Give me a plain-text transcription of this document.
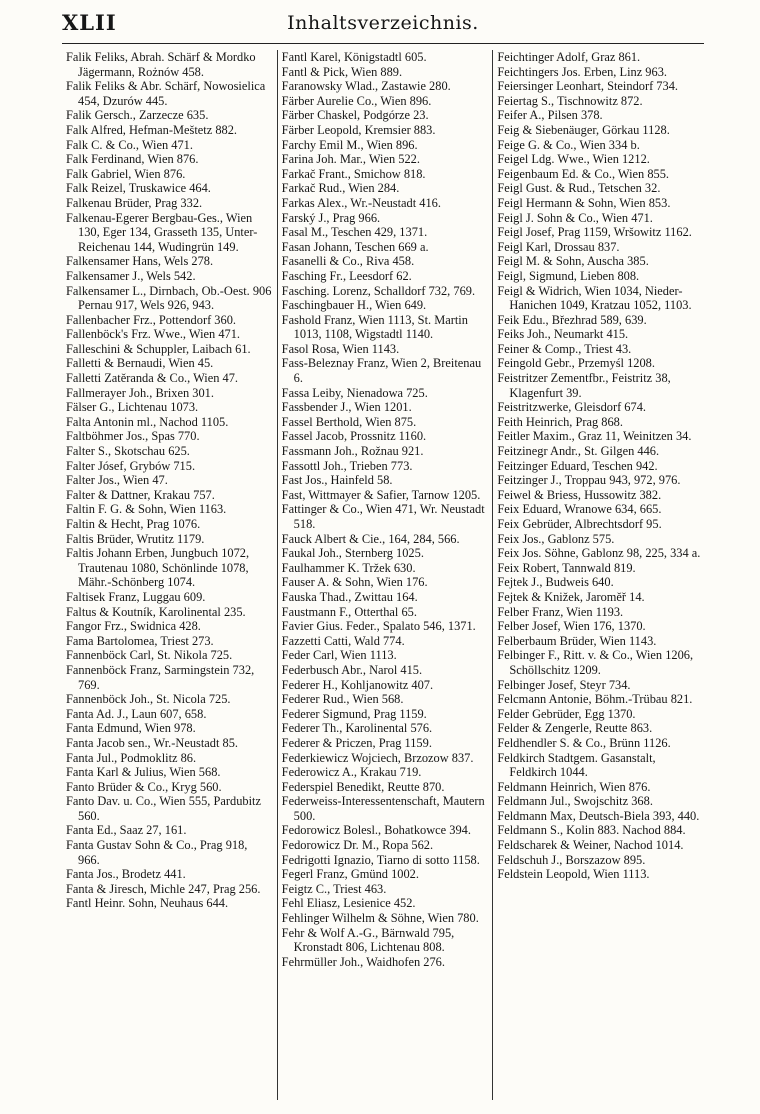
XLII	Inhaltsverzeichnis.

Falik Feliks, Abrah. Schärf & Mordko Jägermann, Rożnów 458.

Falik Feliks & Abr. Schärf, Nowosielica 454, Dzurów 445.

Falik Gersch., Zarzecze 635.

Falk Alfred, Hefman-Meštetz 882.

Falk C. & Co., Wien 471.

Falk Ferdinand, Wien 876.

Falk Gabriel, Wien 876.

Falk Reizel, Truskawice 464.

Falkenau Brüder, Prag 332.

Falkenau-Egerer Bergbau-Ges., Wien 130, Eger 134, Grasseth 135, Unter-Reichenau 144, Wudingrün 149.

Falkensamer Hans, Wels 278.

Falkensamer J., Wels 542.

Falkensamer L., Dirnbach, Ob.-Oest. 906 Pernau 917, Wels 926, 943.

Fallenbacher Frz., Pottendorf 360.

Fallenböck's Frz. Wwe., Wien 471.

Falleschini & Schuppler, Laibach 61.

Falletti & Bernaudi, Wien 45.

Falletti Zatěranda & Co., Wien 47.

Fallmerayer Joh., Brixen 301.

Fälser G., Lichtenau 1073.

Falta Antonin ml., Nachod 1105.

Faltböhmer Jos., Spas 770.

Falter S., Skotschau 625.

Falter Jósef, Grybów 715.

Falter Jos., Wien 47.

Falter & Dattner, Krakau 757.

Faltin F. G. & Sohn, Wien 1163.

Faltin & Hecht, Prag 1076.

Faltis Brüder, Wrutitz 1179.

Faltis Johann Erben, Jungbuch 1072, Trautenau 1080, Schönlinde 1078, Mähr.-Schönberg 1074.

Faltisek Franz, Luggau 609.

Faltus & Koutník, Karolinental 235.

Fangor Frz., Swidnica 428.

Fama Bartolomea, Triest 273.

Fannenböck Carl, St. Nikola 725.

Fannenböck Franz, Sarmingstein 732, 769.

Fannenböck Joh., St. Nicola 725.

Fanta Ad. J., Laun 607, 658.

Fanta Edmund, Wien 978.

Fanta Jacob sen., Wr.-Neustadt 85.

Fanta Jul., Podmoklitz 86.

Fanta Karl & Julius, Wien 568.

Fanto Brüder & Co., Kryg 560.

Fanto Dav. u. Co., Wien 555, Pardubitz 560.

Fanta Ed., Saaz 27, 161.

Fanta Gustav Sohn & Co., Prag 918, 966.

Fanta Jos., Brodetz 441.

Fanta & Jiresch, Michle 247, Prag 256.

Fantl Heinr. Sohn, Neuhaus 644.

Fantl Karel, Königstadtl 605.

Fantl & Pick, Wien 889.

Faranowsky Wlad., Zastawie 280.

Färber Aurelie Co., Wien 896.

Färber Chaskel, Podgórze 23.

Färber Leopold, Kremsier 883.

Farchy Emil M., Wien 896.

Farina Joh. Mar., Wien 522.

Farkač Frant., Smichow 818.

Farkač Rud., Wien 284.

Farkas Alex., Wr.-Neustadt 416.

Farský J., Prag 966.

Fasal M., Teschen 429, 1371.

Fasan Johann, Teschen 669 a.

Fasanelli & Co., Riva 458.

Fasching Fr., Leesdorf 62.

Fasching. Lorenz, Schalldorf 732, 769.

Faschingbauer H., Wien 649.

Fashold Franz, Wien 1113, St. Martin 1013, 1108, Wigstadtl 1140.

Fasol Rosa, Wien 1143.

Fass-Beleznay Franz, Wien 2, Breitenau 6.

Fassa Leiby, Nienadowa 725.

Fassbender J., Wien 1201.

Fassel Berthold, Wien 875.

Fassel Jacob, Prossnitz 1160.

Fassmann Joh., Rožnau 921.

Fassottl Joh., Trieben 773.

Fast Jos., Hainfeld 58.

Fast, Wittmayer & Safier, Tarnow 1205.

Fattinger & Co., Wien 471, Wr. Neustadt 518.

Fauck Albert & Cie., 164, 284, 566.

Faukal Joh., Sternberg 1025.

Faulhammer K. Tržek 630.

Fauser A. & Sohn, Wien 176.

Fauska Thad., Zwittau 164.

Faustmann F., Otterthal 65.

Favier Gius. Feder., Spalato 546, 1371.

Fazzetti Catti, Wald 774.

Feder Carl, Wien 1113.

Federbusch Abr., Narol 415.

Federer H., Kohljanowitz 407.

Federer Rud., Wien 568.

Federer Sigmund, Prag 1159.

Federer Th., Karolinental 576.

Federer & Priczen, Prag 1159.

Federkiewicz Wojciech, Brzozow 837.

Federowicz A., Krakau 719.

Federspiel Benedikt, Reutte 870.

Federweiss-Interessentenschaft, Mautern 500.

Fedorowicz Bolesl., Bohatkowce 394.

Fedorowicz Dr. M., Ropa 562.

Fedrigotti Ignazio, Tiarno di sotto 1158.

Fegerl Franz, Gmünd 1002.

Feigtz C., Triest 463.

Fehl Eliasz, Lesienice 452.

Fehlinger Wilhelm & Söhne, Wien 780.

Fehr & Wolf A.-G., Bärnwald 795, Kronstadt 806, Lichtenau 808.

Fehrmüller Joh., Waidhofen 276.

Feichtinger Adolf, Graz 861.

Feichtingers Jos. Erben, Linz 963.

Feiersinger Leonhart, Steindorf 734.

Feiertag S., Tischnowitz 872.

Feifer A., Pilsen 378.

Feig & Siebenäuger, Görkau 1128.

Feige G. & Co., Wien 334 b.

Feigel Ldg. Wwe., Wien 1212.

Feigenbaum Ed. & Co., Wien 855.

Feigl Gust. & Rud., Tetschen 32.

Feigl Hermann & Sohn, Wien 853.

Feigl J. Sohn & Co., Wien 471.

Feigl Josef, Prag 1159, Wršowitz 1162.

Feigl Karl, Drossau 837.

Feigl M. & Sohn, Auscha 385.

Feigl, Sigmund, Lieben 808.

Feigl & Widrich, Wien 1034, Nieder-Hanichen 1049, Kratzau 1052, 1103.

Feik Edu., Březhrad 589, 639.

Feiks Joh., Neumarkt 415.

Feiner & Comp., Triest 43.

Feingold Gebr., Przemyśl 1208.

Feistritzer Zementfbr., Feistritz 38, Klagenfurt 39.

Feistritzwerke, Gleisdorf 674.

Feith Heinrich, Prag 868.

Feitler Maxim., Graz 11, Weinitzen 34.

Feitzinegr Andr., St. Gilgen 446.

Feitzinger Eduard, Teschen 942.

Feitzinger J., Troppau 943, 972, 976.

Feiwel & Briess, Hussowitz 382.

Feix Eduard, Wranowe 634, 665.

Feix Gebrüder, Albrechtsdorf 95.

Feix Jos., Gablonz 575.

Feix Jos. Söhne, Gablonz 98, 225, 334 a.

Feix Robert, Tannwald 819.

Fejtek J., Budweis 640.

Fejtek & Knižek, Jaroměř 14.

Felber Franz, Wien 1193.

Felber Josef, Wien 176, 1370.

Felberbaum Brüder, Wien 1143.

Felbinger F., Ritt. v. & Co., Wien 1206, Schöllschitz 1209.

Felbinger Josef, Steyr 734.

Felcmann Antonie, Böhm.-Trübau 821.

Felder Gebrüder, Egg 1370.

Felder & Zengerle, Reutte 863.

Feldhendler S. & Co., Brünn 1126.

Feldkirch Stadtgem. Gasanstalt, Feldkirch 1044.

Feldmann Heinrich, Wien 876.

Feldmann Jul., Swojschitz 368.

Feldmann Max, Deutsch-Biela 393, 440.

Feldmann S., Kolin 883. Nachod 884.

Feldscharek & Weiner, Nachod 1014.

Feldschuh J., Borszazow 895.

Feldstein Leopold, Wien 1113.
